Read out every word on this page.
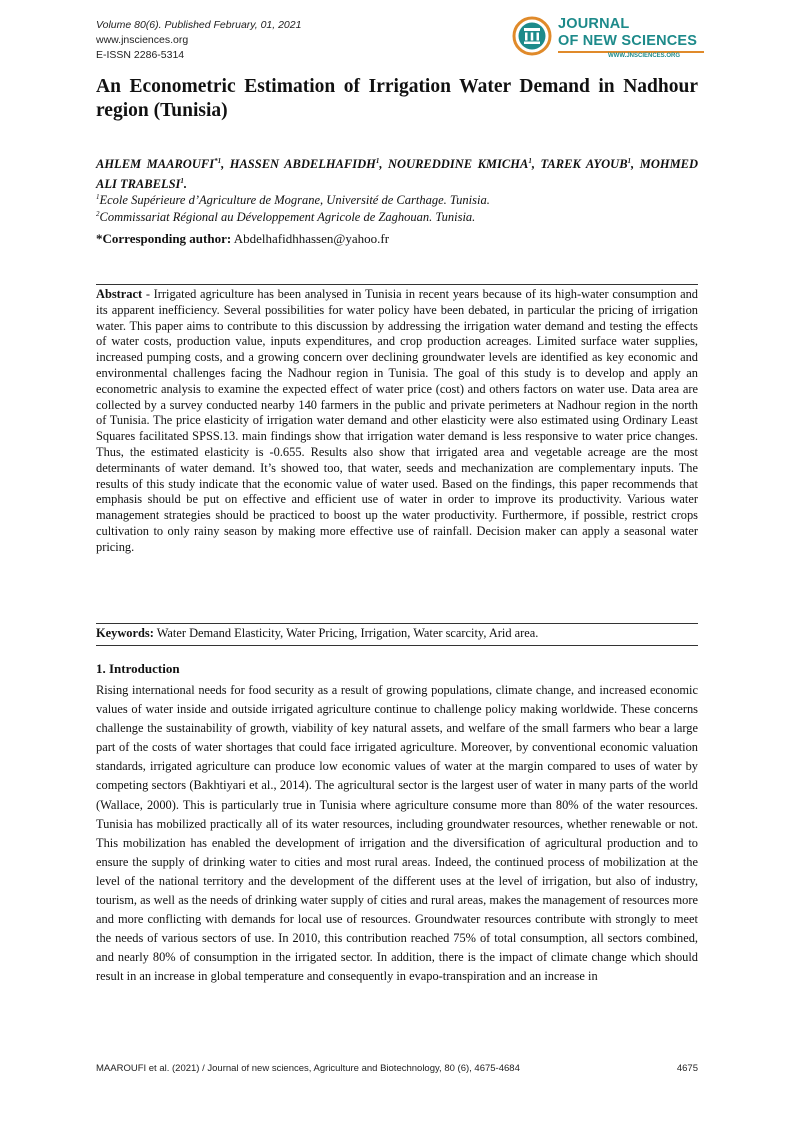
Volume 80(6). Published February, 01, 2021
www.jnsciences.org
E-ISSN 2286-5314
JOURNAL
OF NEW SCIENCES
WWW.JNSCIENCES.ORG
An Econometric Estimation of Irrigation Water Demand in Nadhour region (Tunisia)
AHLEM MAAROUFI$^{*1}$, HASSEN ABDELHAFIDH$^1$, NOUREDDINE KMICHA$^1$, TAREK AYOUB$^1$, MOHMED ALI TRABELSI$^1$.
$^1$Ecole Supérieure d’Agriculture de Mograne, Université de Carthage. Tunisia.
$^2$Commissariat Régional au Développement Agricole de Zaghouan. Tunisia.
*Corresponding author: Abdelhafidhhassen@yahoo.fr
Abstract - Irrigated agriculture has been analysed in Tunisia in recent years because of its high-water consumption and its apparent inefficiency. Several possibilities for water policy have been debated, in particular the pricing of irrigation water. This paper aims to contribute to this discussion by addressing the irrigation water demand and testing the effects of water costs, production value, inputs expenditures, and crop production acreages. Limited surface water supplies, increased pumping costs, and a growing concern over declining groundwater levels are identified as key economic and environmental challenges facing the Nadhour region in Tunisia. The goal of this study is to develop and apply an econometric analysis to examine the expected effect of water price (cost) and others factors on water use. Data area are collected by a survey conducted nearby 140 farmers in the public and private perimeters at Nadhour region in the north of Tunisia. The price elasticity of irrigation water demand and other elasticity were also estimated using Ordinary Least Squares facilitated SPSS.13. main findings show that irrigation water demand is less responsive to water price changes. Thus, the estimated elasticity is -0.655. Results also show that irrigated area and vegetable acreage are the most determinants of water demand. It’s showed too, that water, seeds and mechanization are complementary inputs. The results of this study indicate that the economic value of water used. Based on the findings, this paper recommends that emphasis should be put on effective and efficient use of water in order to improve its productivity. Various water management strategies should be practiced to boost up the water productivity. Furthermore, if possible, restrict crops cultivation to only rainy season by making more effective use of rainfall. Decision maker can apply a seasonal water pricing.
Keywords: Water Demand Elasticity, Water Pricing, Irrigation, Water scarcity, Arid area.
1. Introduction
Rising international needs for food security as a result of growing populations, climate change, and increased economic values of water inside and outside irrigated agriculture continue to challenge policy making worldwide. These concerns challenge the sustainability of growth, viability of key natural assets, and welfare of the small farmers who bear a large part of the costs of water shortages that could face irrigated agriculture. Moreover, by conventional economic valuation standards, irrigated agriculture can produce low economic values of water at the margin compared to uses of water by competing sectors (Bakhtiyari et al., 2014). The agricultural sector is the largest user of water in many parts of the world (Wallace, 2000). This is particularly true in Tunisia where agriculture consume more than 80% of the water resources. Tunisia has mobilized practically all of its water resources, including groundwater resources, whether renewable or not. This mobilization has enabled the development of irrigation and the diversification of agricultural production and to ensure the supply of drinking water to cities and most rural areas. Indeed, the continued process of mobilization at the level of the national territory and the development of the different uses at the level of irrigation, but also of industry, tourism, as well as the needs of drinking water supply of cities and rural areas, makes the management of resources more and more conflicting with demands for local use of resources. Groundwater resources contribute with strongly to meet the needs of various sectors of use. In 2010, this contribution reached 75% of total consumption, all sectors combined, and nearly 80% of consumption in the irrigated sector. In addition, there is the impact of climate change which should result in an increase in global temperature and consequently in evapo-transpiration and an increase in
MAAROUFI et al. (2021) / Journal of new sciences, Agriculture and Biotechnology, 80 (6), 4675-4684	4675
